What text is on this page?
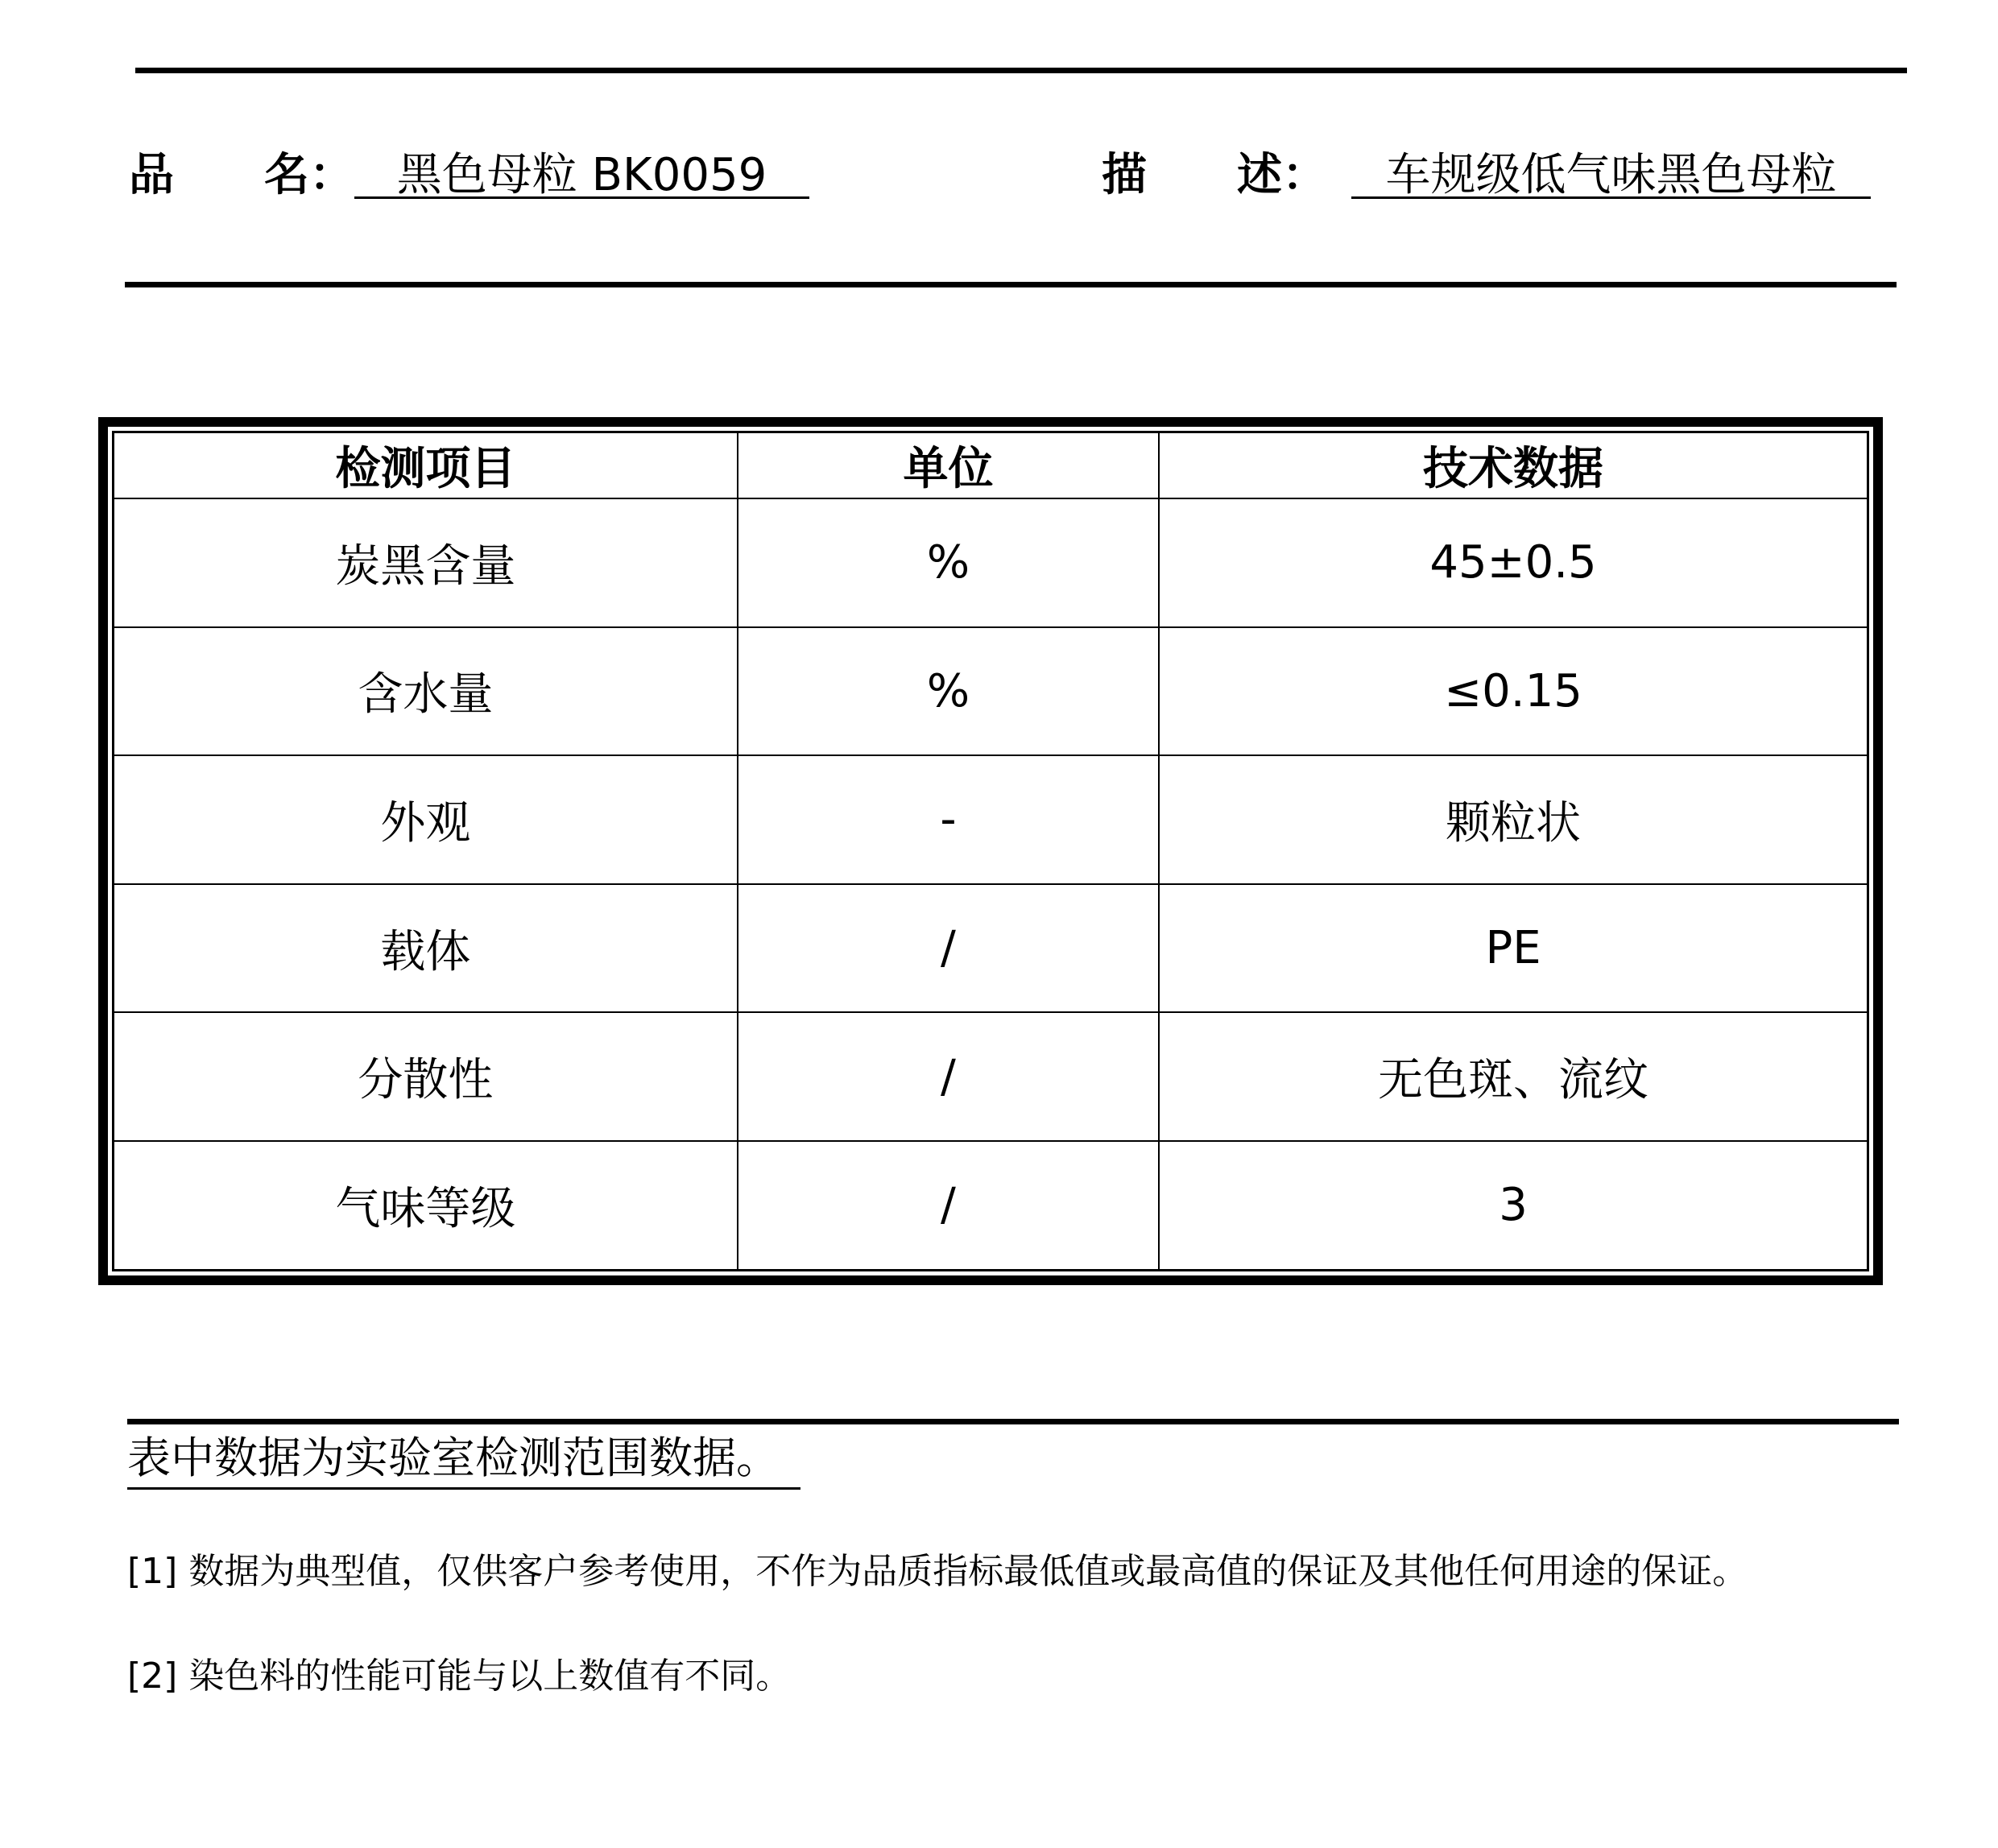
品　　名： 黑色母粒 BK0059	描　　述：	车规级低气味黑色母粒
检测项目	单位	技术数据
炭黑含量	%	45±0.5
含水量	%	≤0.15
外观	-	颗粒状
载体	/	PE
分散性	/	无色斑、流纹
气味等级	/	3
表中数据为实验室检测范围数据。
[1] 数据为典型值，仅供客户参考使用，不作为品质指标最低值或最高值的保证及其他任何用途的保证。
[2] 染色料的性能可能与以上数值有不同。
